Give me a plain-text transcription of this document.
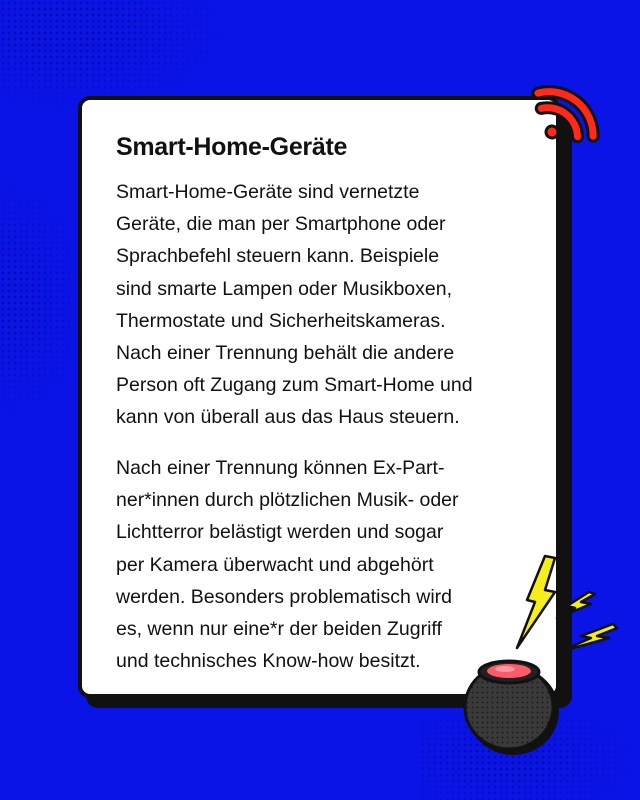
Smart-Home-Geräte

Smart-Home-Geräte sind vernetzte
Geräte, die man per Smartphone oder
Sprachbefehl steuern kann. Beispiele
sind smarte Lampen oder Musikboxen,
Thermostate und Sicherheitskameras.
Nach einer Trennung behält die andere
Person oft Zugang zum Smart-Home und
kann von überall aus das Haus steuern.

Nach einer Trennung können Ex-Part-
ner*innen durch plötzlichen Musik- oder
Lichtterror belästigt werden und sogar
per Kamera überwacht und abgehört
werden. Besonders problematisch wird
es, wenn nur eine*r der beiden Zugriff
und technisches Know-how besitzt.
